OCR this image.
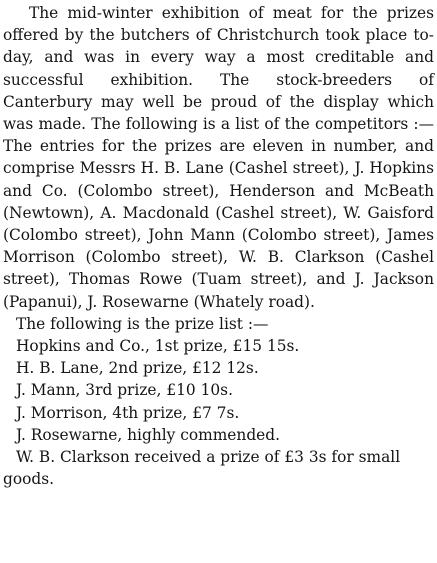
The mid-winter exhibition of meat for the prizes offered by the butchers of Christchurch took place to-day, and was in every way a most creditable and successful exhibition. The stock-breeders of Canterbury may well be proud of the display which was made. The following is a list of the competitors :—The entries for the prizes are eleven in number, and comprise Messrs H. B. Lane (Cashel street), J. Hopkins and Co. (Colombo street), Henderson and McBeath (Newtown), A. Macdonald (Cashel street), W. Gaisford (Colombo street), John Mann (Colombo street), James Morrison (Colombo street), W. B. Clarkson (Cashel street), Thomas Rowe (Tuam street), and J. Jackson (Papanui), J. Rosewarne (Whately road).

The following is the prize list :—

Hopkins and Co., 1st prize, £15 15s.
H. B. Lane, 2nd prize, £12 12s.
J. Mann, 3rd prize, £10 10s.
J. Morrison, 4th prize, £7 7s.
J. Rosewarne, highly commended.
W. B. Clarkson received a prize of £3 3s for small goods.
